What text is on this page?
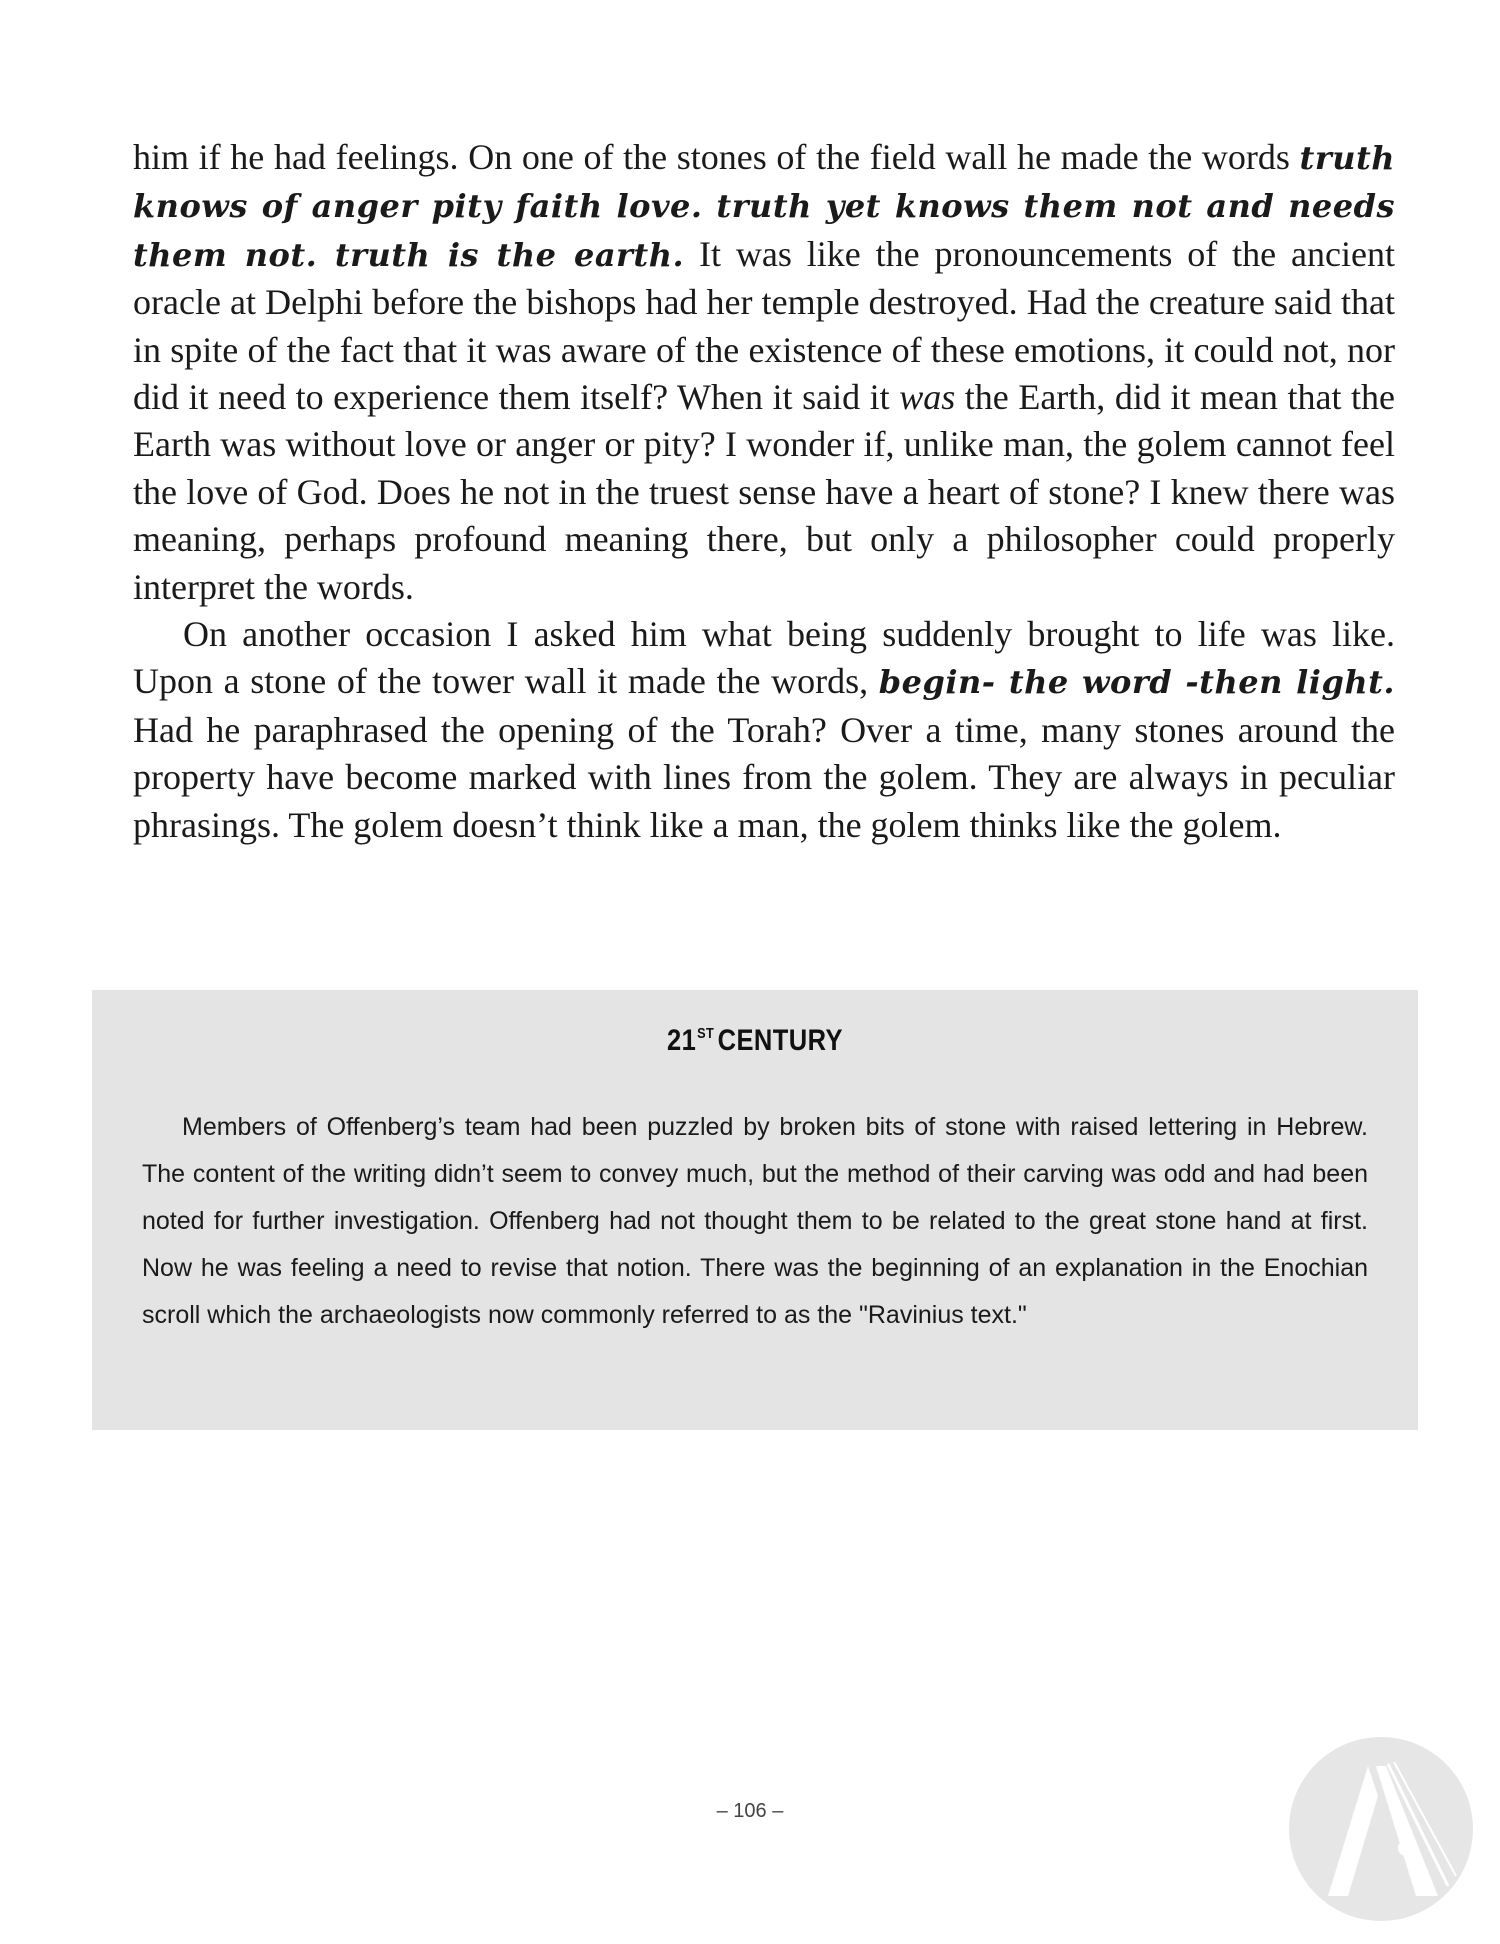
him if he had feelings. On one of the stones of the field wall he made the words truth knows of anger pity faith love. truth yet knows them not and needs them not. truth is the earth. It was like the pronouncements of the ancient oracle at Delphi before the bishops had her temple destroyed. Had the creature said that in spite of the fact that it was aware of the existence of these emotions, it could not, nor did it need to experience them itself? When it said it was the Earth, did it mean that the Earth was without love or anger or pity? I wonder if, unlike man, the golem cannot feel the love of God. Does he not in the truest sense have a heart of stone? I knew there was meaning, perhaps profound meaning there, but only a philosopher could properly interpret the words.

On another occasion I asked him what being suddenly brought to life was like. Upon a stone of the tower wall it made the words, begin- the word -then light. Had he paraphrased the opening of the Torah? Over a time, many stones around the property have become marked with lines from the golem. They are always in peculiar phrasings. The golem doesn’t think like a man, the golem thinks like the golem.

21ST CENTURY

Members of Offenberg’s team had been puzzled by broken bits of stone with raised lettering in Hebrew. The content of the writing didn’t seem to convey much, but the method of their carving was odd and had been noted for further investigation. Offenberg had not thought them to be related to the great stone hand at first. Now he was feeling a need to revise that notion. There was the beginning of an explanation in the Enochian scroll which the archaeologists now commonly referred to as the "Ravinius text."

– 106 –
